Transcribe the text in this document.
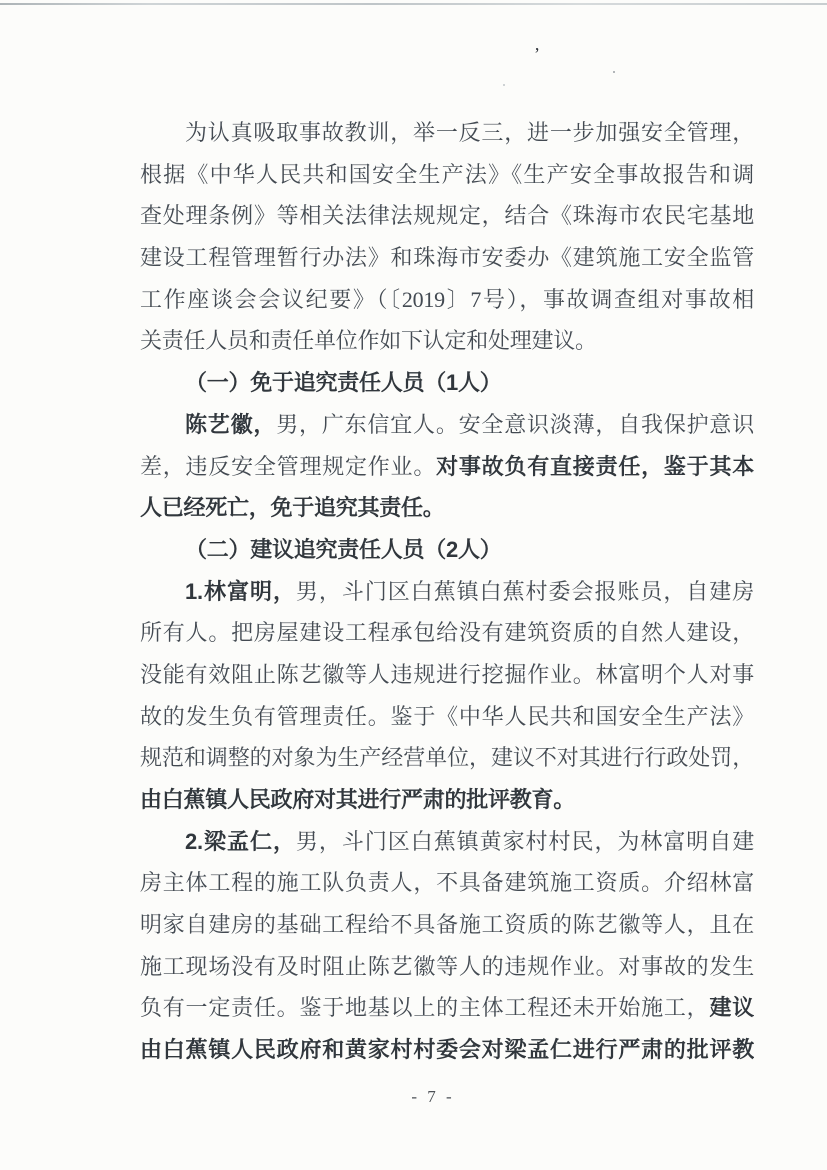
’
为认真吸取事故教训，举一反三，进一步加强安全管理，
根据《中华人民共和国安全生产法》《生产安全事故报告和调
查处理条例》等相关法律法规规定，结合《珠海市农民宅基地
建设工程管理暂行办法》和珠海市安委办《建筑施工安全监管
工作座谈会会议纪要》（〔2019〕7号），事故调查组对事故相
关责任人员和责任单位作如下认定和处理建议。
（一）免于追究责任人员（1人）
陈艺徽，男，广东信宜人。安全意识淡薄，自我保护意识
差，违反安全管理规定作业。对事故负有直接责任，鉴于其本
人已经死亡，免于追究其责任。
（二）建议追究责任人员（2人）
1.林富明，男，斗门区白蕉镇白蕉村委会报账员，自建房
所有人。把房屋建设工程承包给没有建筑资质的自然人建设，
没能有效阻止陈艺徽等人违规进行挖掘作业。林富明个人对事
故的发生负有管理责任。鉴于《中华人民共和国安全生产法》
规范和调整的对象为生产经营单位，建议不对其进行行政处罚，
由白蕉镇人民政府对其进行严肃的批评教育。
2.梁孟仁，男，斗门区白蕉镇黄家村村民，为林富明自建
房主体工程的施工队负责人，不具备建筑施工资质。介绍林富
明家自建房的基础工程给不具备施工资质的陈艺徽等人，且在
施工现场没有及时阻止陈艺徽等人的违规作业。对事故的发生
负有一定责任。鉴于地基以上的主体工程还未开始施工，建议
由白蕉镇人民政府和黄家村村委会对梁孟仁进行严肃的批评教
- 7 -
